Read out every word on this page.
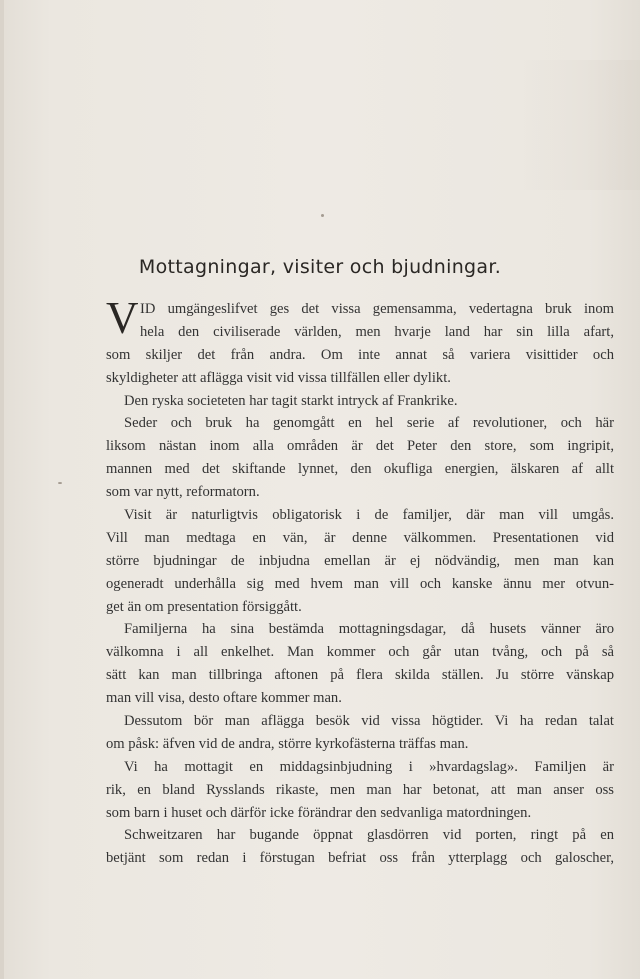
Mottagningar, visiter och bjudningar.
V ID umgängeslifvet ges det vissa gemensamma, vedertagna bruk inom
hela den civiliserade världen, men hvarje land har sin lilla afart,
som skiljer det från andra. Om inte annat så variera visittider och
skyldigheter att aflägga visit vid vissa tillfällen eller dylikt.
Den ryska societeten har tagit starkt intryck af Frankrike.
Seder och bruk ha genomgått en hel serie af revolutioner, och här
liksom nästan inom alla områden är det Peter den store, som ingripit,
mannen med det skiftande lynnet, den okufliga energien, älskaren af allt
som var nytt, reformatorn.
Visit är naturligtvis obligatorisk i de familjer, där man vill umgås.
Vill man medtaga en vän, är denne välkommen. Presentationen vid
större bjudningar de inbjudna emellan är ej nödvändig, men man kan
ogeneradt underhålla sig med hvem man vill och kanske ännu mer otvun-
get än om presentation försiggått.
Familjerna ha sina bestämda mottagningsdagar, då husets vänner äro
välkomna i all enkelhet. Man kommer och går utan tvång, och på så
sätt kan man tillbringa aftonen på flera skilda ställen. Ju större vänskap
man vill visa, desto oftare kommer man.
Dessutom bör man aflägga besök vid vissa högtider. Vi ha redan talat
om påsk: äfven vid de andra, större kyrkofästerna träffas man.
Vi ha mottagit en middagsinbjudning i »hvardagslag». Familjen är
rik, en bland Rysslands rikaste, men man har betonat, att man anser oss
som barn i huset och därför icke förändrar den sedvanliga matordningen.
Schweitzaren har bugande öppnat glasdörren vid porten, ringt på en
betjänt som redan i förstugan befriat oss från ytterplagg och galoscher,
